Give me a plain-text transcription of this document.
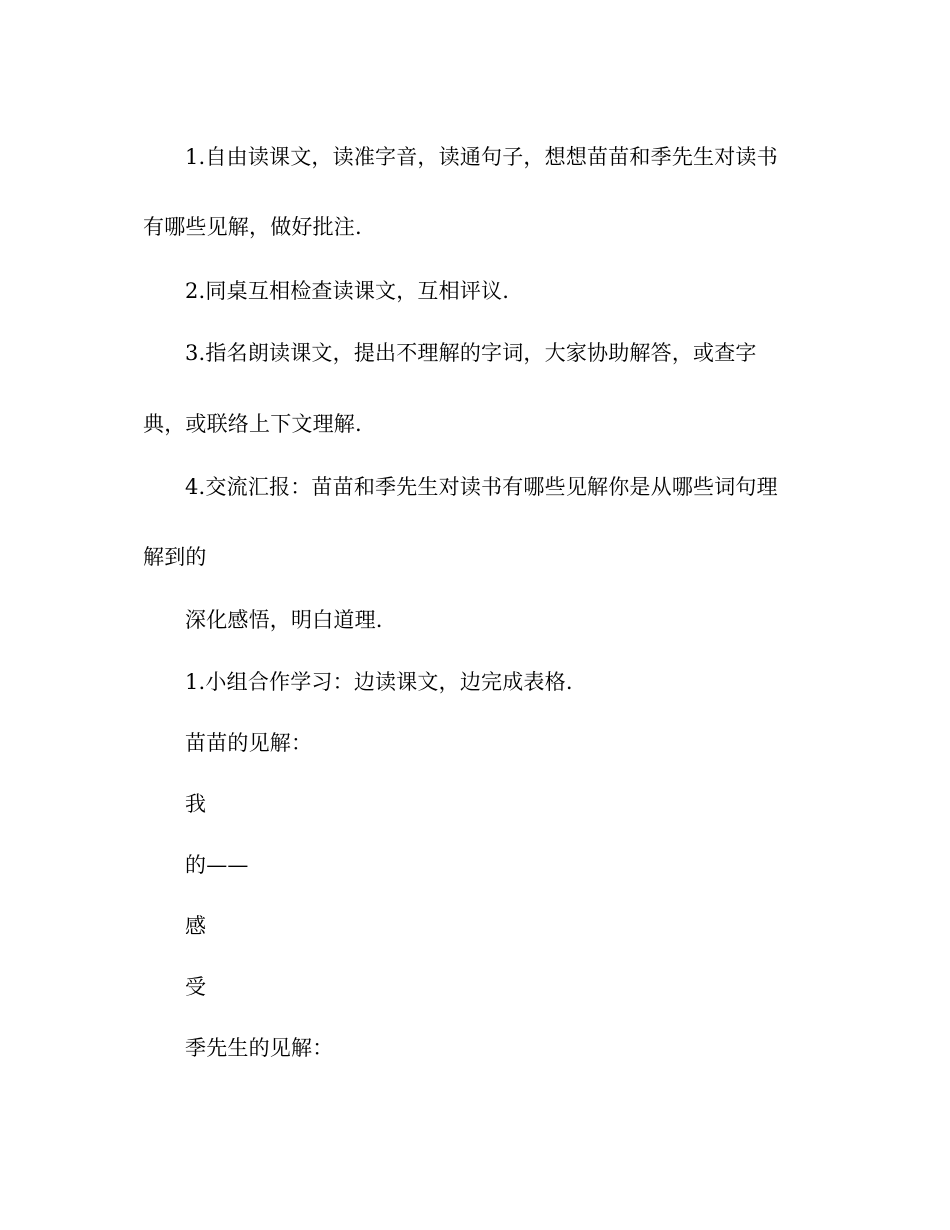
1.自由读课文，读准字音，读通句子，想想苗苗和季先生对读书
有哪些见解，做好批注.
2.同桌互相检查读课文，互相评议.
3.指名朗读课文，提出不理解的字词，大家协助解答，或查字
典，或联络上下文理解.
4.交流汇报：苗苗和季先生对读书有哪些见解你是从哪些词句理
解到的
深化感悟，明白道理.
1.小组合作学习：边读课文，边完成表格.
苗苗的见解：
我
的——
感
受
季先生的见解：
